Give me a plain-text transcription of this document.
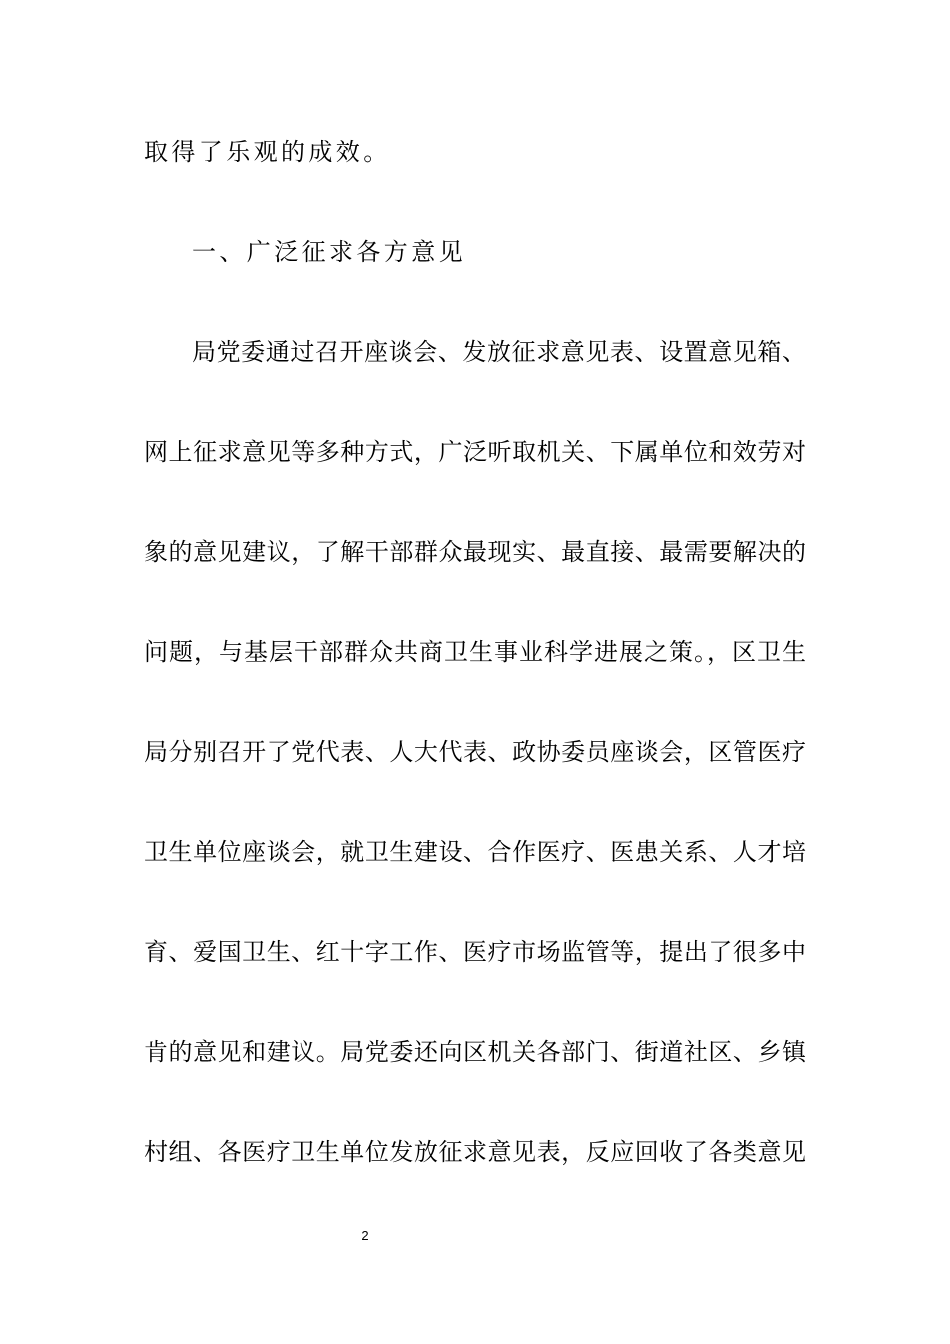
取得了乐观的成效。
一、广泛征求各方意见
局党委通过召开座谈会、发放征求意见表、设置意见箱、
网上征求意见等多种方式，广泛听取机关、下属单位和效劳对
象的意见建议，了解干部群众最现实、最直接、最需要解决的
问题，与基层干部群众共商卫生事业科学进展之策。，区卫生
局分别召开了党代表、人大代表、政协委员座谈会，区管医疗
卫生单位座谈会，就卫生建设、合作医疗、医患关系、人才培
育、爱国卫生、红十字工作、医疗市场监管等，提出了很多中
肯的意见和建议。局党委还向区机关各部门、街道社区、乡镇
村组、各医疗卫生单位发放征求意见表，反应回收了各类意见
2
